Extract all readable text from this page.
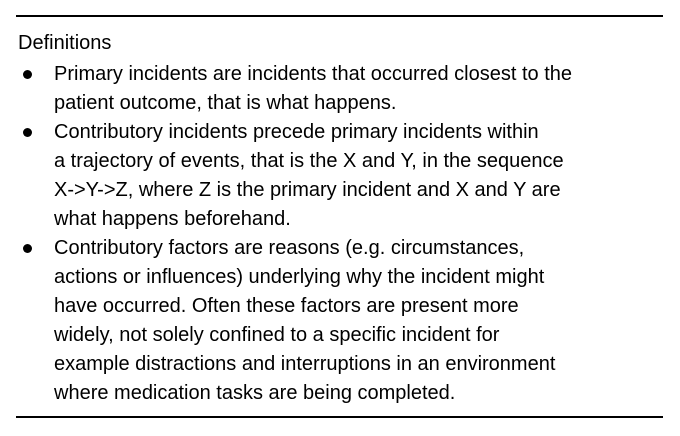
Definitions
Primary incidents are incidents that occurred closest to the
patient outcome, that is what happens.
Contributory incidents precede primary incidents within
a trajectory of events, that is the X and Y, in the sequence
X->Y->Z, where Z is the primary incident and X and Y are
what happens beforehand.
Contributory factors are reasons (e.g. circumstances,
actions or influences) underlying why the incident might
have occurred. Often these factors are present more
widely, not solely confined to a specific incident for
example distractions and interruptions in an environment
where medication tasks are being completed.
